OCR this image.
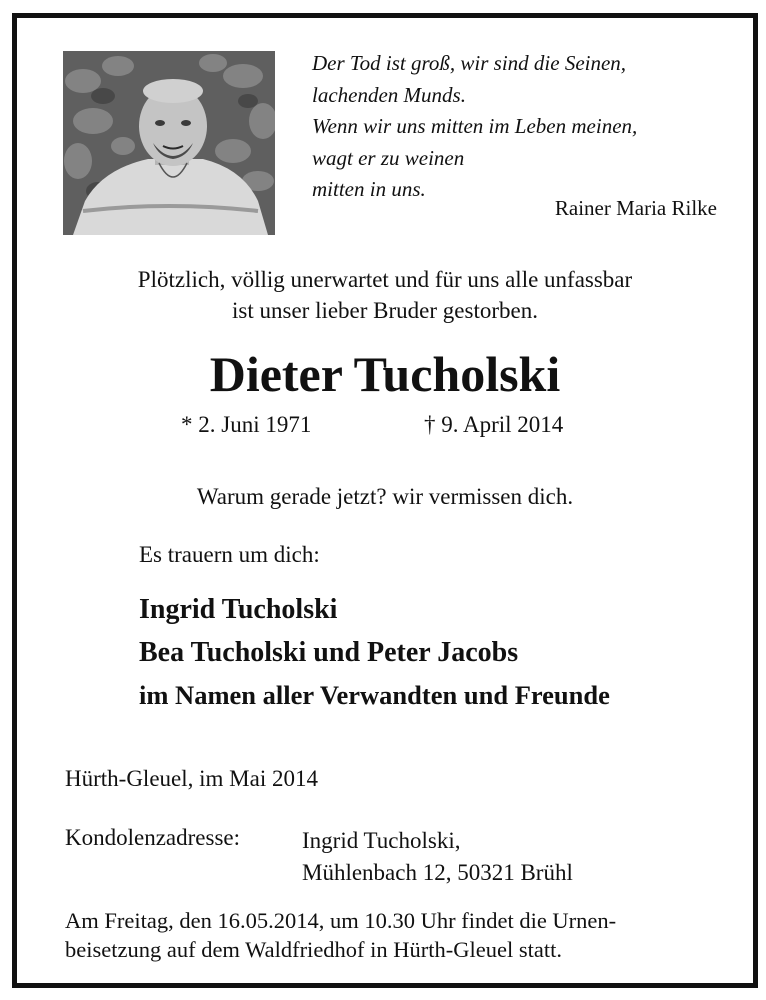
Der Tod ist groß, wir sind die Seinen,
lachenden Munds.
Wenn wir uns mitten im Leben meinen,
wagt er zu weinen
mitten in uns.
Rainer Maria Rilke
Plötzlich, völlig unerwartet und für uns alle unfassbar
ist unser lieber Bruder gestorben.
Dieter Tucholski
* 2. Juni 1971	† 9. April 2014
Warum gerade jetzt? wir vermissen dich.
Es trauern um dich:
Ingrid Tucholski
Bea Tucholski und Peter Jacobs
im Namen aller Verwandten und Freunde
Hürth-Gleuel, im Mai 2014
Kondolenzadresse:	Ingrid Tucholski,
Mühlenbach 12, 50321 Brühl
Am Freitag, den 16.05.2014, um 10.30 Uhr findet die Urnen-
beisetzung auf dem Waldfriedhof in Hürth-Gleuel statt.
